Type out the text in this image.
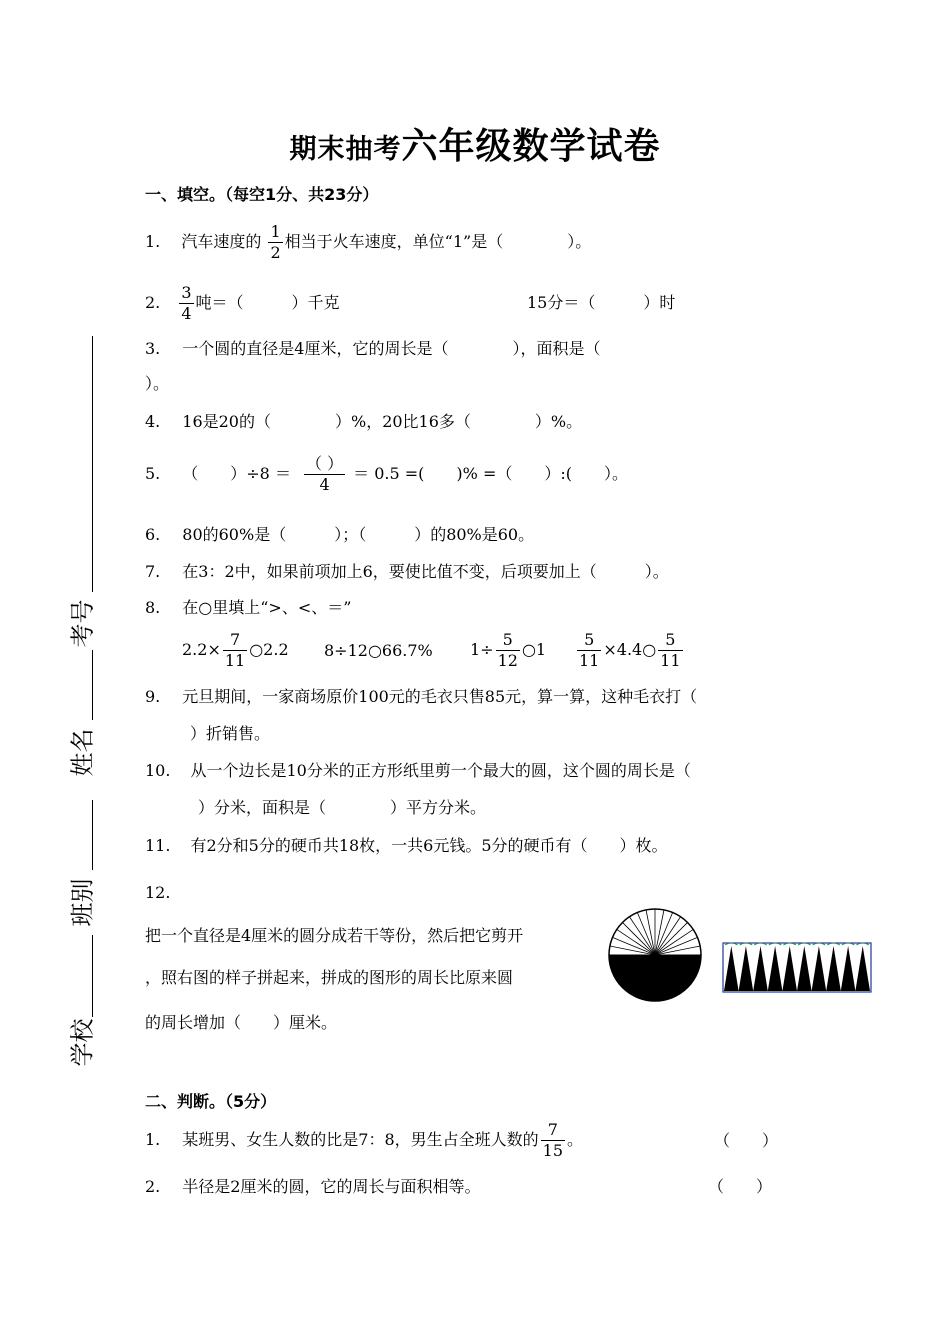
期末抽考六年级数学试卷
一、填空。（每空1分、共23分）
1. 汽车速度的 $\frac{1}{2}$ 相当于火车速度，单位“1”是（　　　　）。
2. $\frac{3}{4}$ 吨＝（　　　）千克	15分＝（　　　）时
3. 一个圆的直径是4厘米，它的周长是（　　　　），面积是（
）。
4. 16是20的（　　　　）%，20比16多（　　　　）%。
5. （　　）$\div 8 = \frac{( )}{4} = 0.5$ =(　　)% =（　　）:(　　）。
6. 80的60%是（　　　）；（　　　）的80%是60。
7. 在3：2中，如果前项加上6，要使比值不变，后项要加上（　　　）。
8. 在○里填上“>、<、＝”
$2.2\times \frac{7}{11}$ ○2.2 8÷12○66.7% $1\div \frac{5}{12}$ ○1 $\frac{5}{11}$ ×4.4○ $\frac{5}{11}$
9. 元旦期间，一家商场原价100元的毛衣只售85元，算一算，这种毛衣打（
）折销售。
10. 从一个边长是10分米的正方形纸里剪一个最大的圆，这个圆的周长是（
）分米，面积是（　　　　）平方分米。
11. 有2分和5分的硬币共18枚，一共6元钱。5分的硬币有（　　）枚。
12.
把一个直径是4厘米的圆分成若干等份，然后把它剪开
，照右图的样子拼起来，拼成的图形的周长比原来圆
的周长增加（　　）厘米。
二、判断。（5分）
1. 某班男、女生人数的比是7：8，男生占全班人数的 $\frac{7}{15}$ 。	（　　）
2. 半径是2厘米的圆，它的周长与面积相等。	（　　）
学校
班别
姓名
考号
